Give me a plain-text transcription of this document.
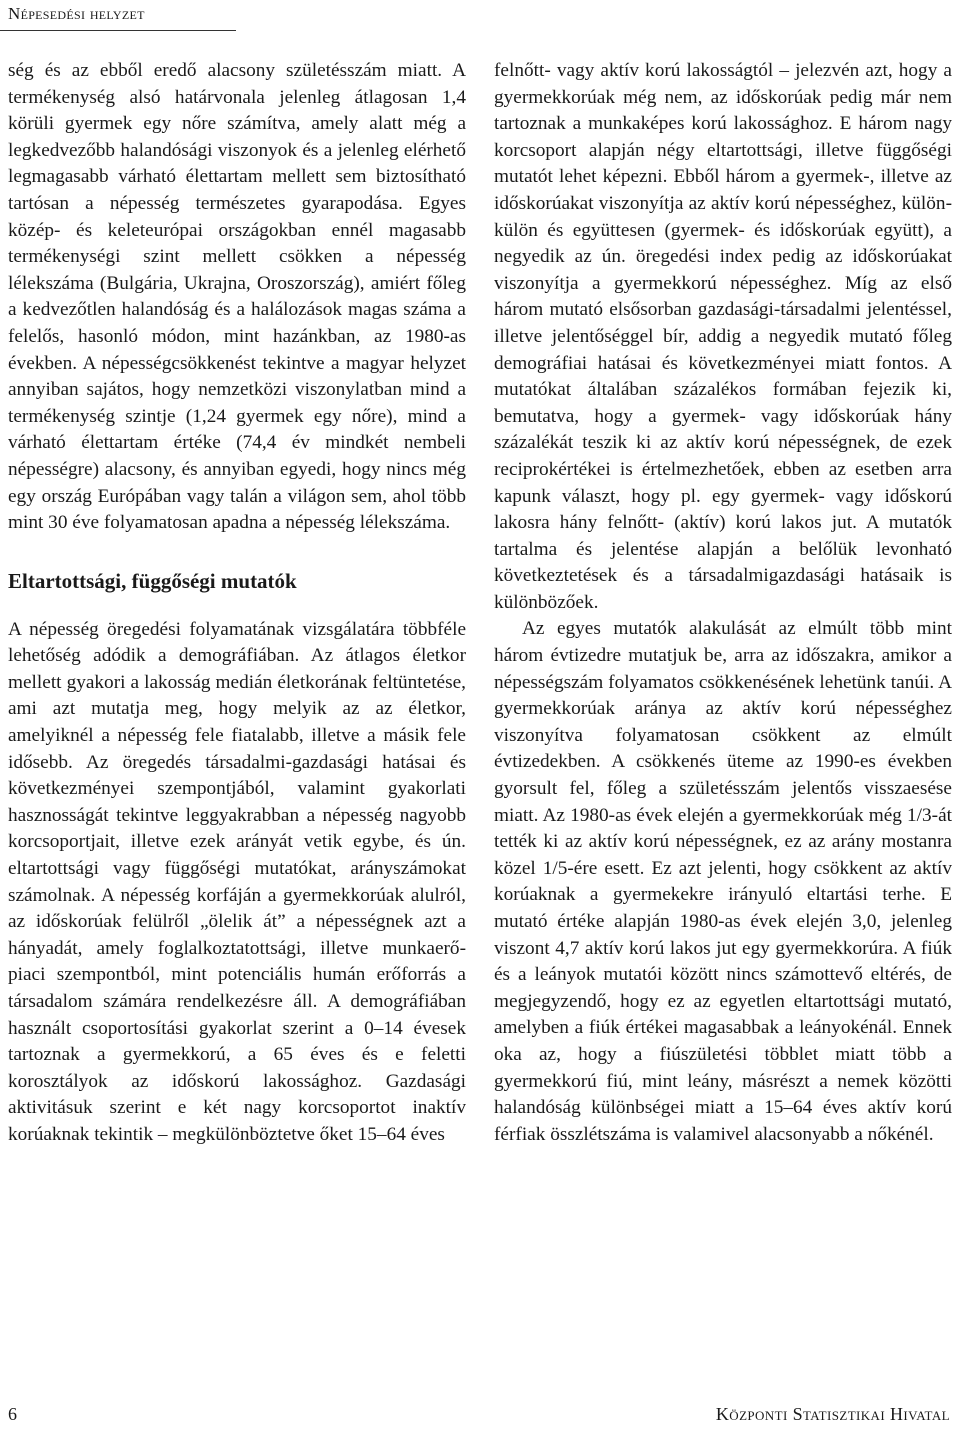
Népesedési helyzet

ség és az ebből eredő alacsony születésszám miatt. A termékenység alsó határvonala jelenleg átlagosan 1,4 körüli gyermek egy nőre számítva, amely alatt még a legkedvezőbb halandósági viszonyok és a jelenleg elérhető legmagasabb várható élettartam mellett sem biztosítható tartósan a népesség természetes gyarapodása. Egyes közép- és keleteurópai országokban ennél magasabb termékenységi szint mellett csökken a népesség lélekszáma (Bulgária, Ukrajna, Oroszország), amiért főleg a kedvezőtlen halandóság és a halálozások magas száma a felelős, hasonló módon, mint hazánkban, az 1980-as években. A népességcsökkenést tekintve a magyar helyzet annyiban sajátos, hogy nemzetközi viszonylatban mind a termékenység szintje (1,24 gyermek egy nőre), mind a várható élettartam értéke (74,4 év mindkét nembeli népességre) alacsony, és annyiban egyedi, hogy nincs még egy ország Európában vagy talán a világon sem, ahol több mint 30 éve folyamatosan apadna a népesség lélekszáma.

Eltartottsági, függőségi mutatók

A népesség öregedési folyamatának vizsgálatára többféle lehetőség adódik a demográfiában. Az átlagos életkor mellett gyakori a lakosság medián életkorának feltüntetése, ami azt mutatja meg, hogy melyik az az életkor, amelyiknél a népesség fele fiatalabb, illetve a másik fele idősebb. Az öregedés társadalmi-gazdasági hatásai és következményei szempontjából, valamint gyakorlati hasznosságát tekintve leggyakrabban a népesség nagyobb korcsoportjait, illetve ezek arányát vetik egybe, és ún. eltartottsági vagy függőségi mutatókat, arányszámokat számolnak. A népesség korfáján a gyermekkorúak alulról, az időskorúak felülről „ölelik át” a népességnek azt a hányadát, amely foglalkoztatottsági, illetve munkaerő-piaci szempontból, mint potenciális humán erőforrás a társadalom számára rendelkezésre áll. A demográfiában használt csoportosítási gyakorlat szerint a 0–14 évesek tartoznak a gyermekkorú, a 65 éves és e feletti korosztályok az időskorú lakossághoz. Gazdasági aktivitásuk szerint e két nagy korcsoportot inaktív korúaknak tekintik – megkülönböztetve őket 15–64 éves

felnőtt- vagy aktív korú lakosságtól – jelezvén azt, hogy a gyermekkorúak még nem, az időskorúak pedig már nem tartoznak a munkaképes korú lakossághoz. E három nagy korcsoport alapján négy eltartottsági, illetve függőségi mutatót lehet képezni. Ebből három a gyermek-, illetve az időskorúakat viszonyítja az aktív korú népességhez, külön-külön és együttesen (gyermek- és időskorúak együtt), a negyedik az ún. öregedési index pedig az időskorúakat viszonyítja a gyermekkorú népességhez. Míg az első három mutató elsősorban gazdasági-társadalmi jelentéssel, illetve jelentőséggel bír, addig a negyedik mutató főleg demográfiai hatásai és következményei miatt fontos. A mutatókat általában százalékos formában fejezik ki, bemutatva, hogy a gyermek- vagy időskorúak hány százalékát teszik ki az aktív korú népességnek, de ezek reciprokértékei is értelmezhetőek, ebben az esetben arra kapunk választ, hogy pl. egy gyermek- vagy időskorú lakosra hány felnőtt- (aktív) korú lakos jut. A mutatók tartalma és jelentése alapján a belőlük levonható következtetések és a társadalmigazdasági hatásaik is különbözőek.

Az egyes mutatók alakulását az elmúlt több mint három évtizedre mutatjuk be, arra az időszakra, amikor a népességszám folyamatos csökkenésének lehetünk tanúi. A gyermekkorúak aránya az aktív korú népességhez viszonyítva folyamatosan csökkent az elmúlt évtizedekben. A csökkenés üteme az 1990-es években gyorsult fel, főleg a születésszám jelentős visszaesése miatt. Az 1980-as évek elején a gyermekkorúak még 1/3-át tették ki az aktív korú népességnek, ez az arány mostanra közel 1/5-ére esett. Ez azt jelenti, hogy csökkent az aktív korúaknak a gyermekekre irányuló eltartási terhe. E mutató értéke alapján 1980-as évek elején 3,0, jelenleg viszont 4,7 aktív korú lakos jut egy gyermekkorúra. A fiúk és a leányok mutatói között nincs számottevő eltérés, de megjegyzendő, hogy ez az egyetlen eltartottsági mutató, amelyben a fiúk értékei magasabbak a leányokénál. Ennek oka az, hogy a fiúszületési többlet miatt több a gyermekkorú fiú, mint leány, másrészt a nemek közötti halandóság különbségei miatt a 15–64 éves aktív korú férfiak összlétszáma is valamivel alacsonyabb a nőkénél.

6	Központi Statisztikai Hivatal
